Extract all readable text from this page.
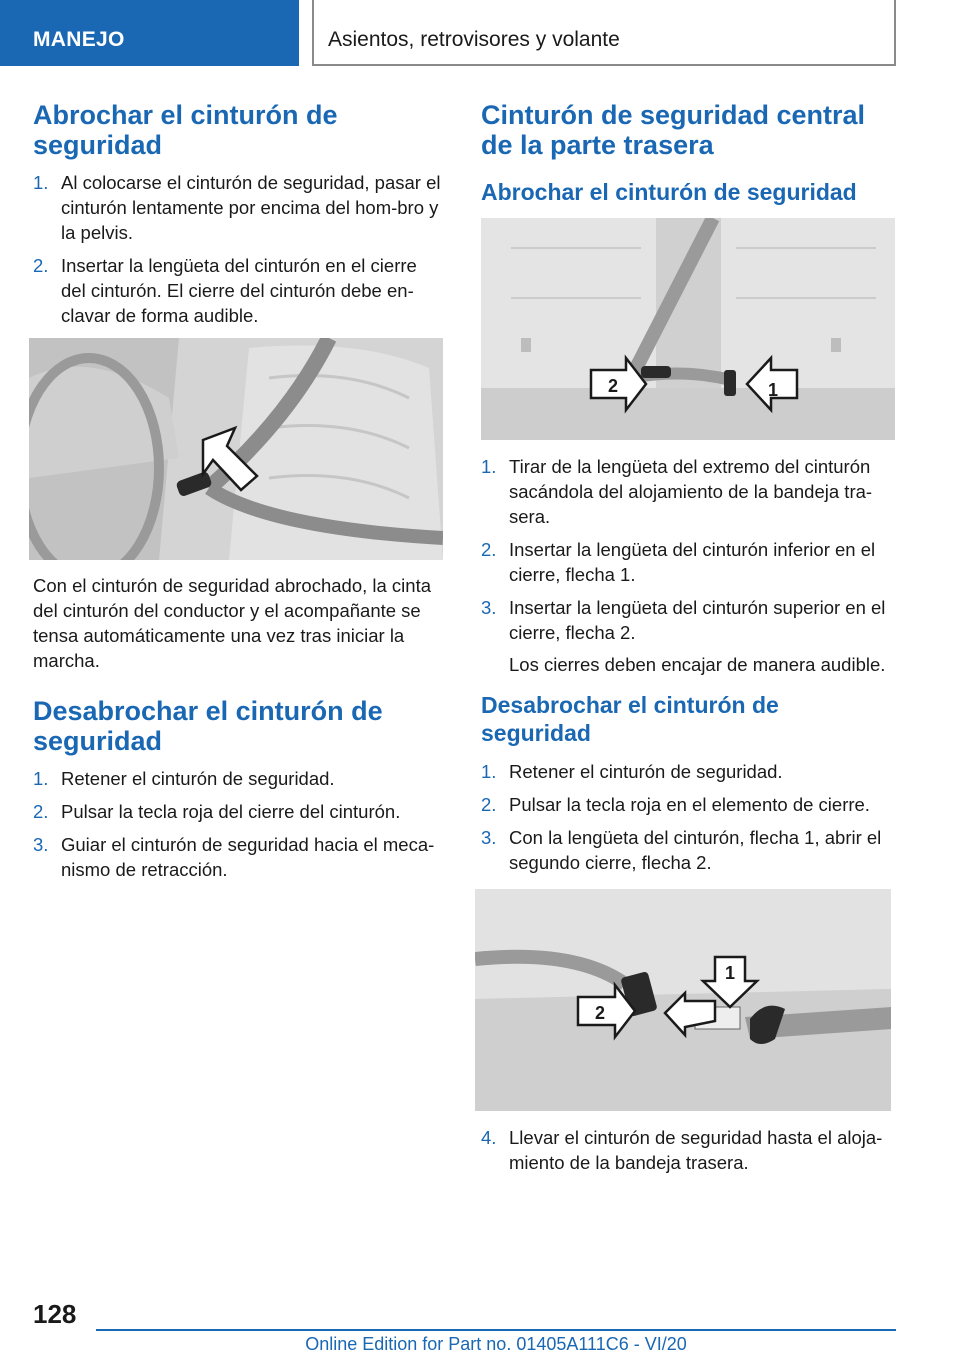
MANEJO	Asientos, retrovisores y volante
Abrochar el cinturón de seguridad
1. Al colocarse el cinturón de seguridad, pasar el cinturón lentamente por encima del hom-bro y la pelvis.
2. Insertar la lengüeta del cinturón en el cierre del cinturón. El cierre del cinturón debe en-clavar de forma audible.

Con el cinturón de seguridad abrochado, la cinta del cinturón del conductor y el acompañante se tensa automáticamente una vez tras iniciar la marcha.

Desabrochar el cinturón de seguridad
1. Retener el cinturón de seguridad.
2. Pulsar la tecla roja del cierre del cinturón.
3. Guiar el cinturón de seguridad hacia el meca-nismo de retracción.
Cinturón de seguridad central de la parte trasera
Abrochar el cinturón de seguridad
2	1
1. Tirar de la lengüeta del extremo del cinturón sacándola del alojamiento de la bandeja tra-sera.
2. Insertar la lengüeta del cinturón inferior en el cierre, flecha 1.
3. Insertar la lengüeta del cinturón superior en el cierre, flecha 2.
Los cierres deben encajar de manera audible.
Desabrochar el cinturón de seguridad
1. Retener el cinturón de seguridad.
2. Pulsar la tecla roja en el elemento de cierre.
3. Con la lengüeta del cinturón, flecha 1, abrir el segundo cierre, flecha 2.
1
2
4. Llevar el cinturón de seguridad hasta el aloja-miento de la bandeja trasera.
128
Online Edition for Part no. 01405A111C6 - VI/20
